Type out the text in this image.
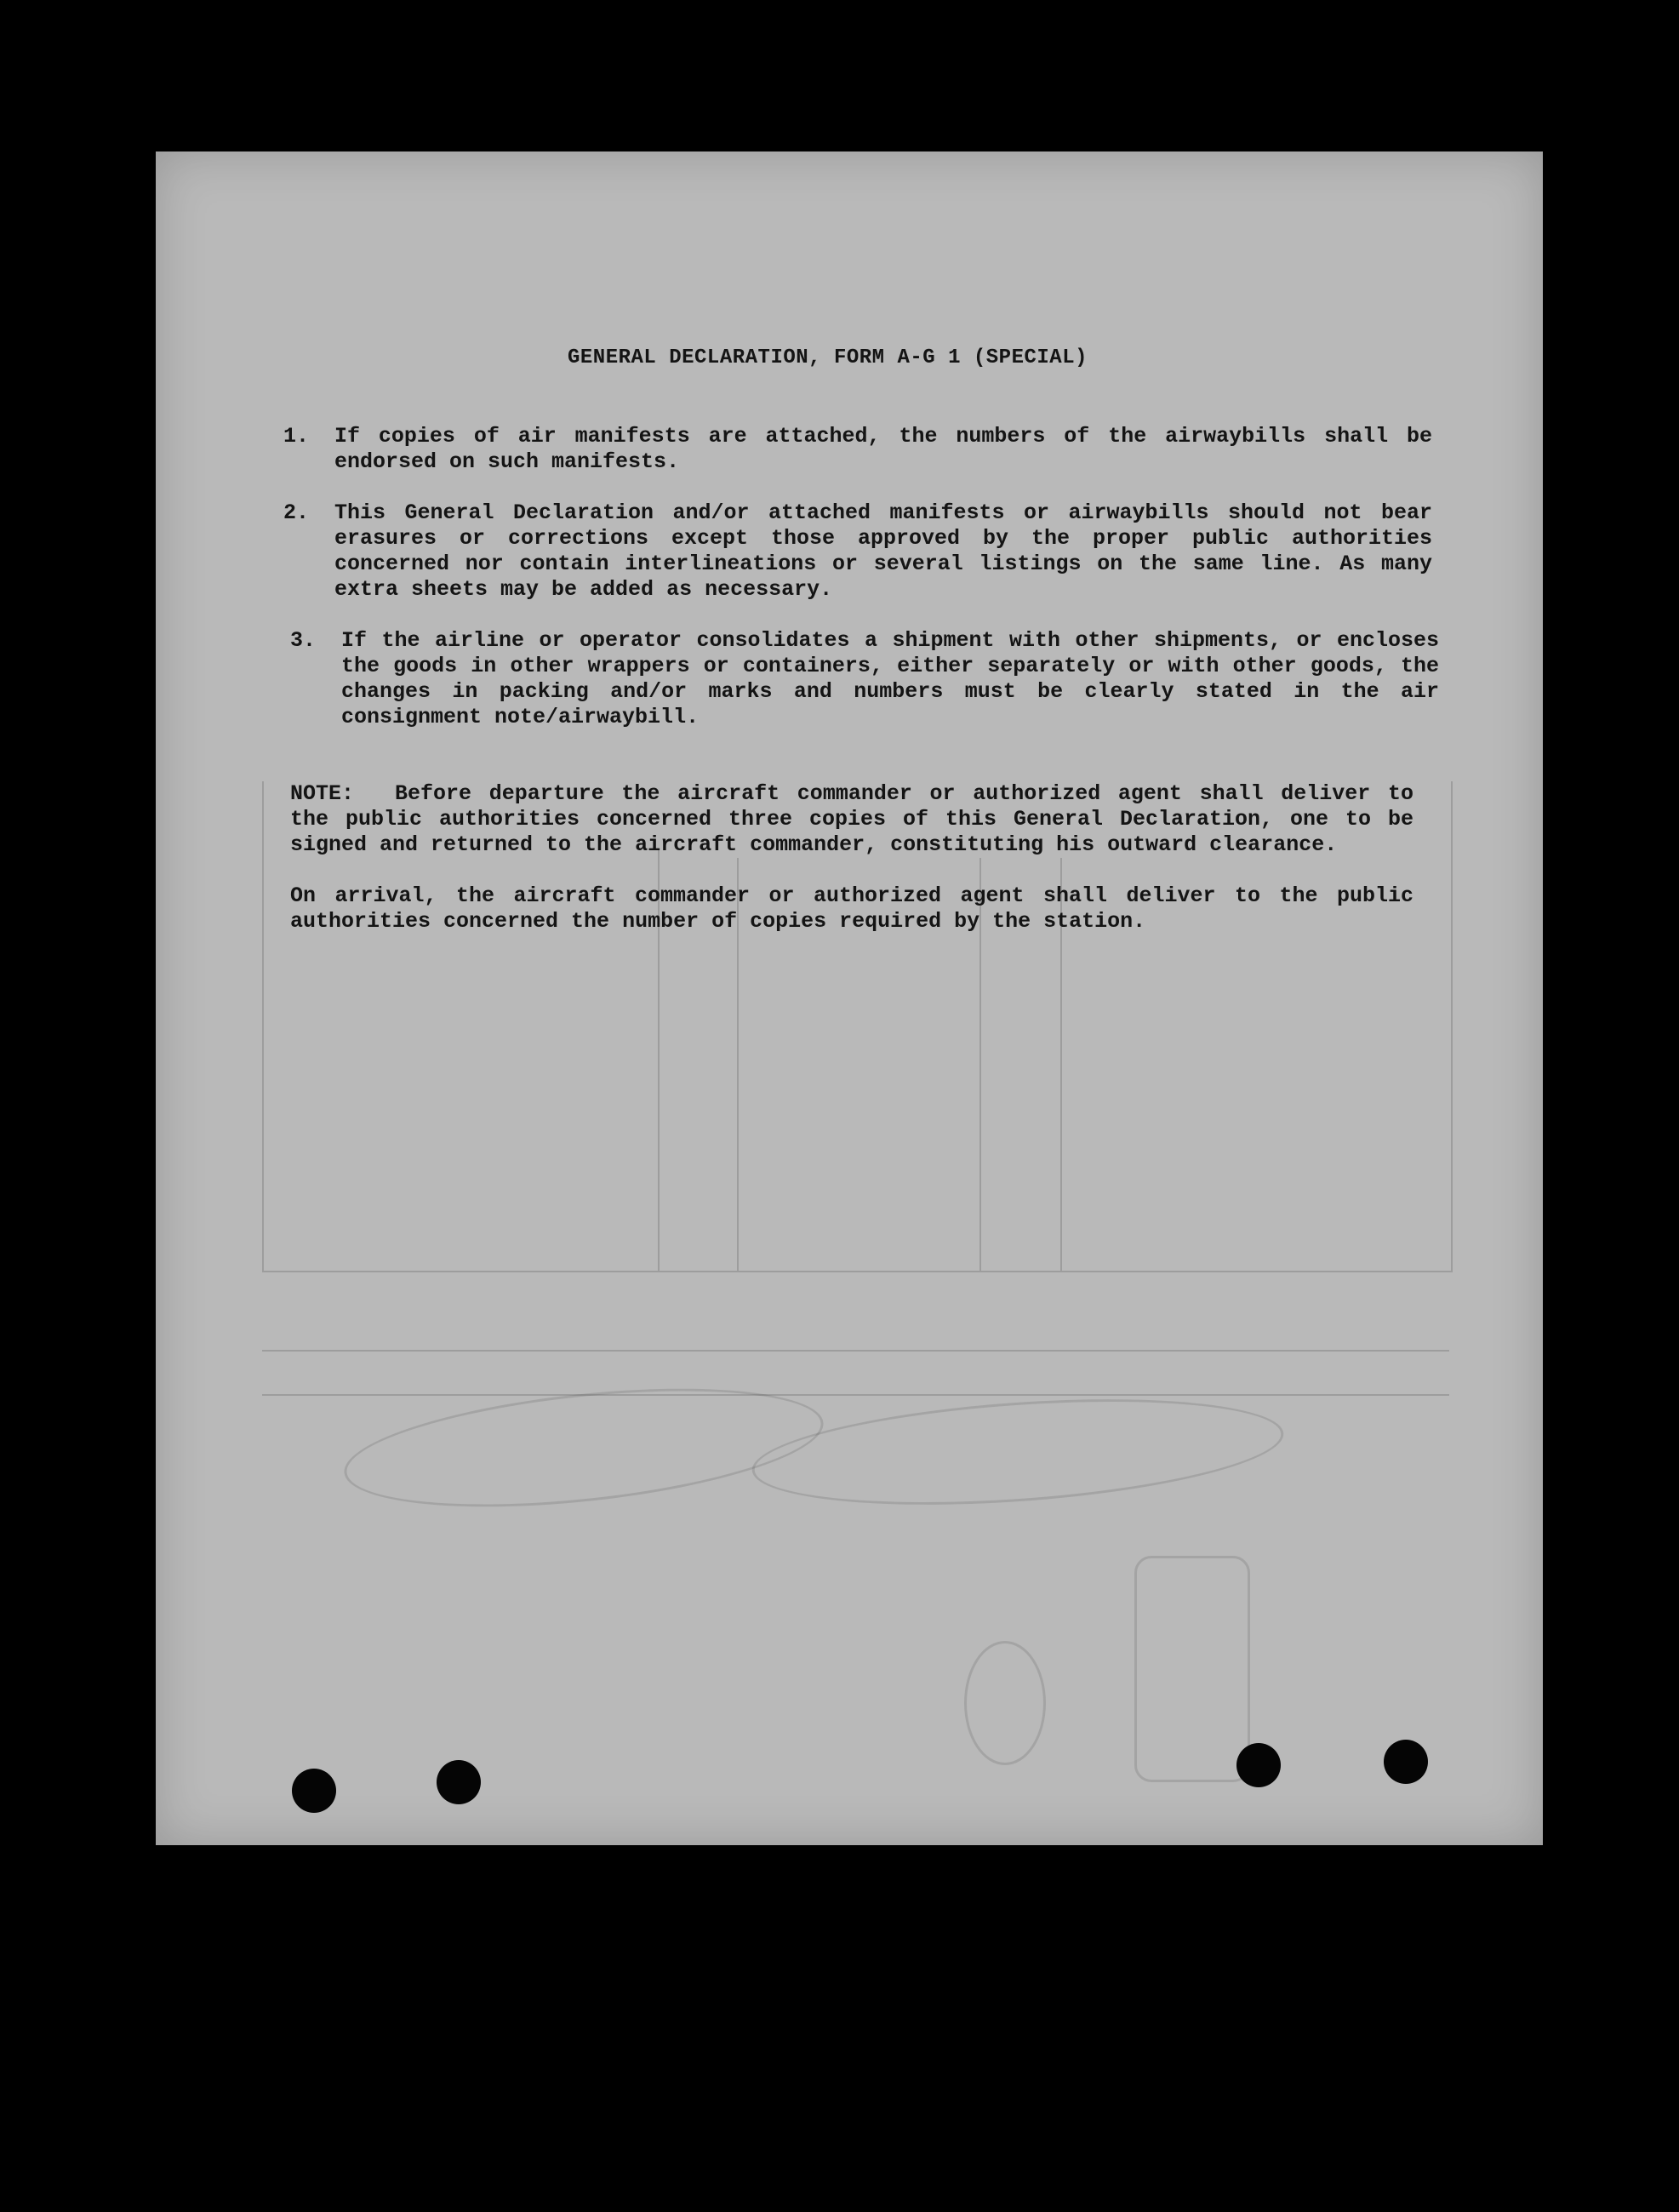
GENERAL DECLARATION, FORM A-G 1 (SPECIAL)
1.	If copies of air manifests are attached, the numbers of the airwaybills shall be endorsed on such manifests.
2.	This General Declaration and/or attached manifests or airwaybills should not bear erasures or corrections except those approved by the proper public authorities concerned nor contain interlineations or several listings on the same line. As many extra sheets may be added as necessary.
3.	If the airline or operator consolidates a shipment with other shipments, or encloses the goods in other wrappers or containers, either separately or with other goods, the changes in packing and/or marks and numbers must be clearly stated in the air consignment note/airwaybill.

NOTE: Before departure the aircraft commander or authorized agent shall deliver to the public authorities concerned three copies of this General Declaration, one to be signed and returned to the aircraft commander, constituting his outward clearance.

On arrival, the aircraft commander or authorized agent shall deliver to the public authorities concerned the number of copies required by the station.
